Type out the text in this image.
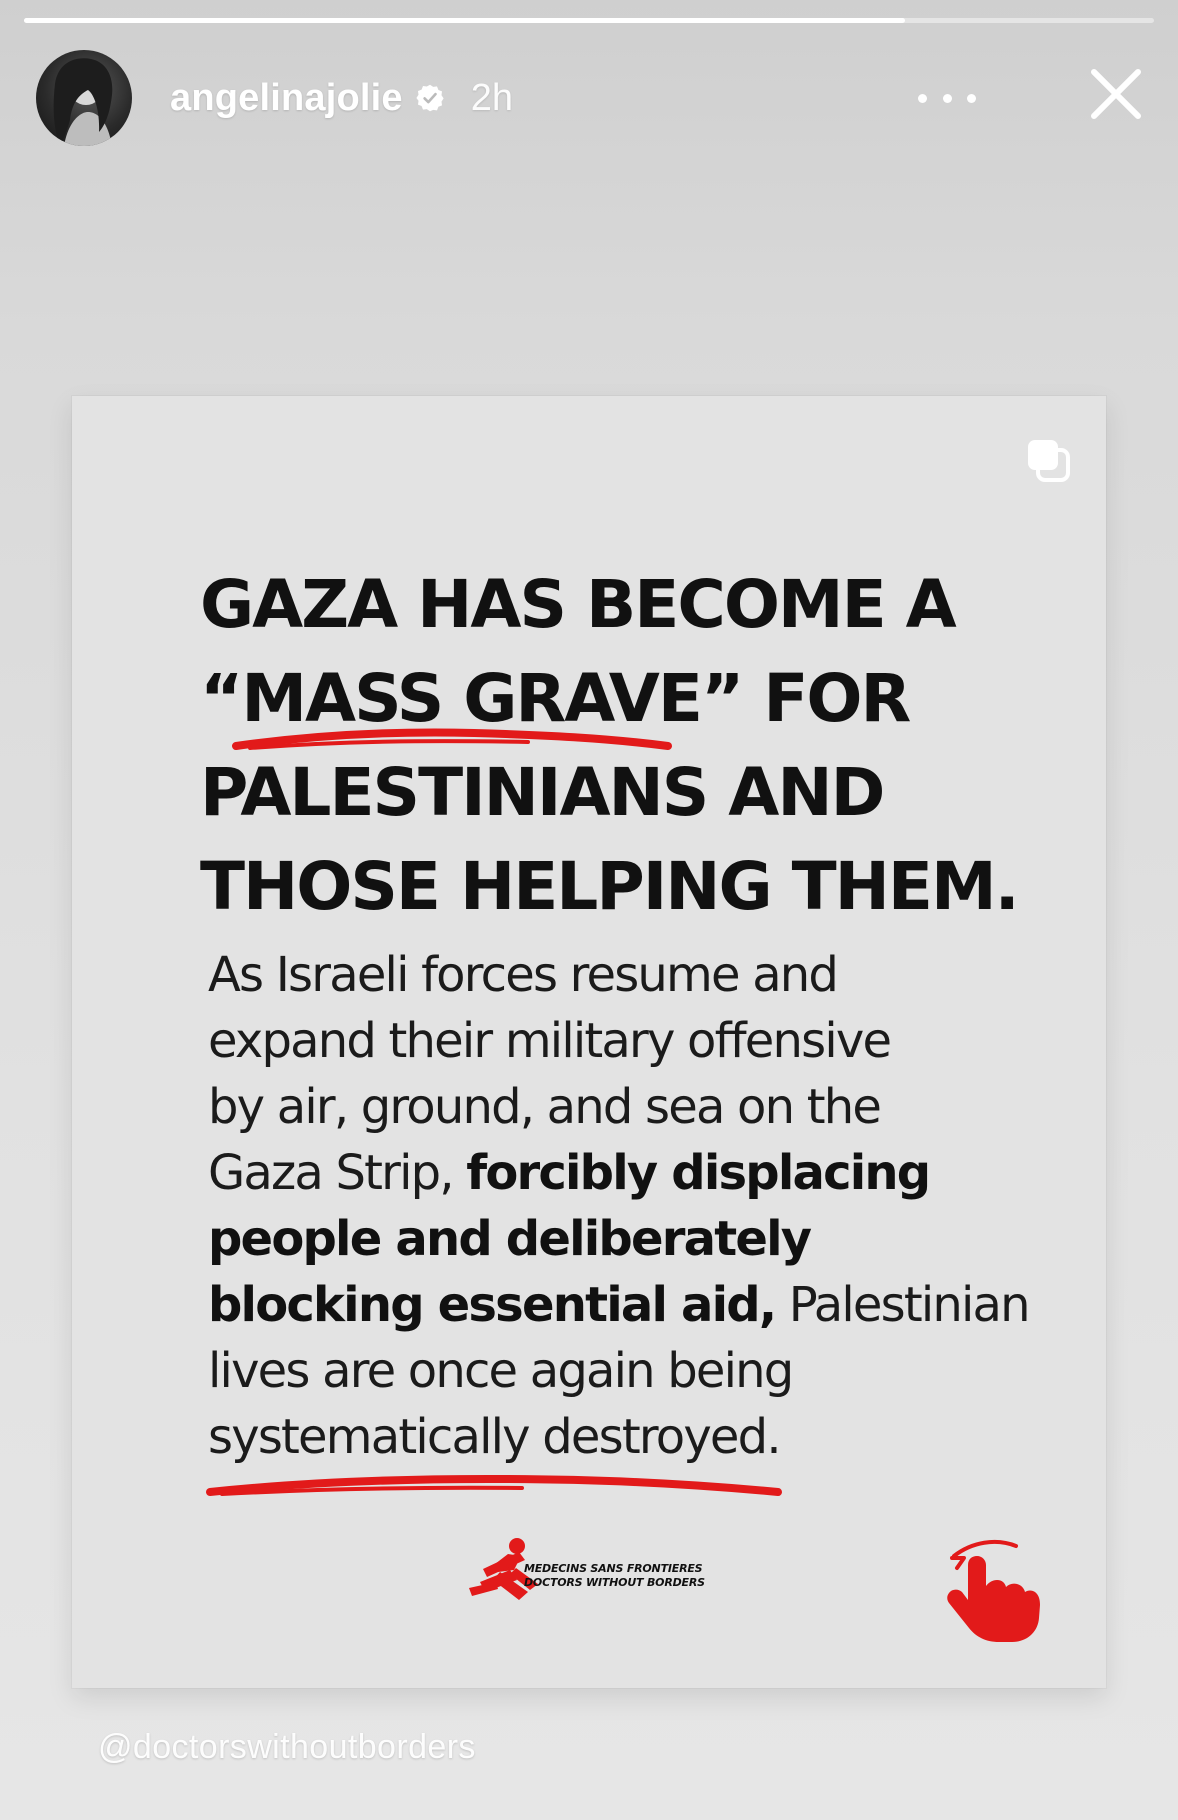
angelinajolie 2h
GAZA HAS BECOME A
“MASS GRAVE” FOR
PALESTINIANS AND
THOSE HELPING THEM.
As Israeli forces resume and
expand their military offensive
by air, ground, and sea on the
Gaza Strip, forcibly displacing
people and deliberately
blocking essential aid, Palestinian
lives are once again being
systematically destroyed.
MEDECINS SANS FRONTIERES
DOCTORS WITHOUT BORDERS
@doctorswithoutborders
